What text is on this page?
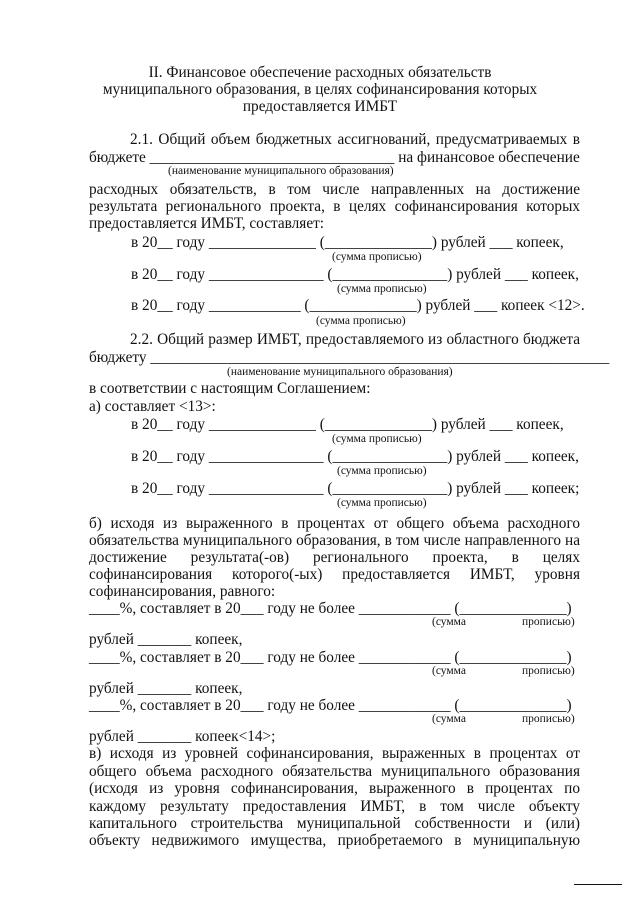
II. Финансовое обеспечение расходных обязательств
муниципального образования, в целях софинансирования которых
предоставляется ИМБТ
2.1. Общий объем бюджетных ассигнований, предусматриваемых в
бюджете ________________________________ на финансовое обеспечение
(наименование муниципального образования)
расходных обязательств, в том числе направленных на достижение
результата регионального проекта, в целях софинансирования которых
предоставляется ИМБТ, составляет:
в 20__ году ______________ (______________) рублей ___ копеек,
(сумма прописью)
в 20__ году _______________ (_______________) рублей ___ копеек,
(сумма прописью)
в 20__ году ____________ (______________) рублей ___ копеек <12>.
(сумма прописью)
2.2. Общий размер ИМБТ, предоставляемого из областного бюджета
бюджету ____________________________________________________________
(наименование муниципального образования)
в соответствии с настоящим Соглашением:
а) составляет <13>:
в 20__ году ______________ (______________) рублей ___ копеек,
(сумма прописью)
в 20__ году _______________ (_______________) рублей ___ копеек,
(сумма прописью)
в 20__ году _______________ (_______________) рублей ___ копеек;
(сумма прописью)
б) исходя из выраженного в процентах от общего объема расходного
обязательства муниципального образования, в том числе направленного на
достижение результата(-ов) регионального проекта, в целях
софинансирования которого(-ых) предоставляется ИМБТ, уровня
софинансирования, равного:
____%, составляет в 20___ году не более ____________ (______________)
(сумма	прописью)
рублей _______ копеек,
____%, составляет в 20___ году не более ____________ (______________)
(сумма	прописью)
рублей _______ копеек,
____%, составляет в 20___ году не более ____________ (______________)
(сумма	прописью)
рублей _______ копеек<14>;
в) исходя из уровней софинансирования, выраженных в процентах от
общего объема расходного обязательства муниципального образования
(исходя из уровня софинансирования, выраженного в процентах по
каждому результату предоставления ИМБТ, в том числе объекту
капитального строительства муниципальной собственности и (или)
объекту недвижимого имущества, приобретаемого в муниципальную
